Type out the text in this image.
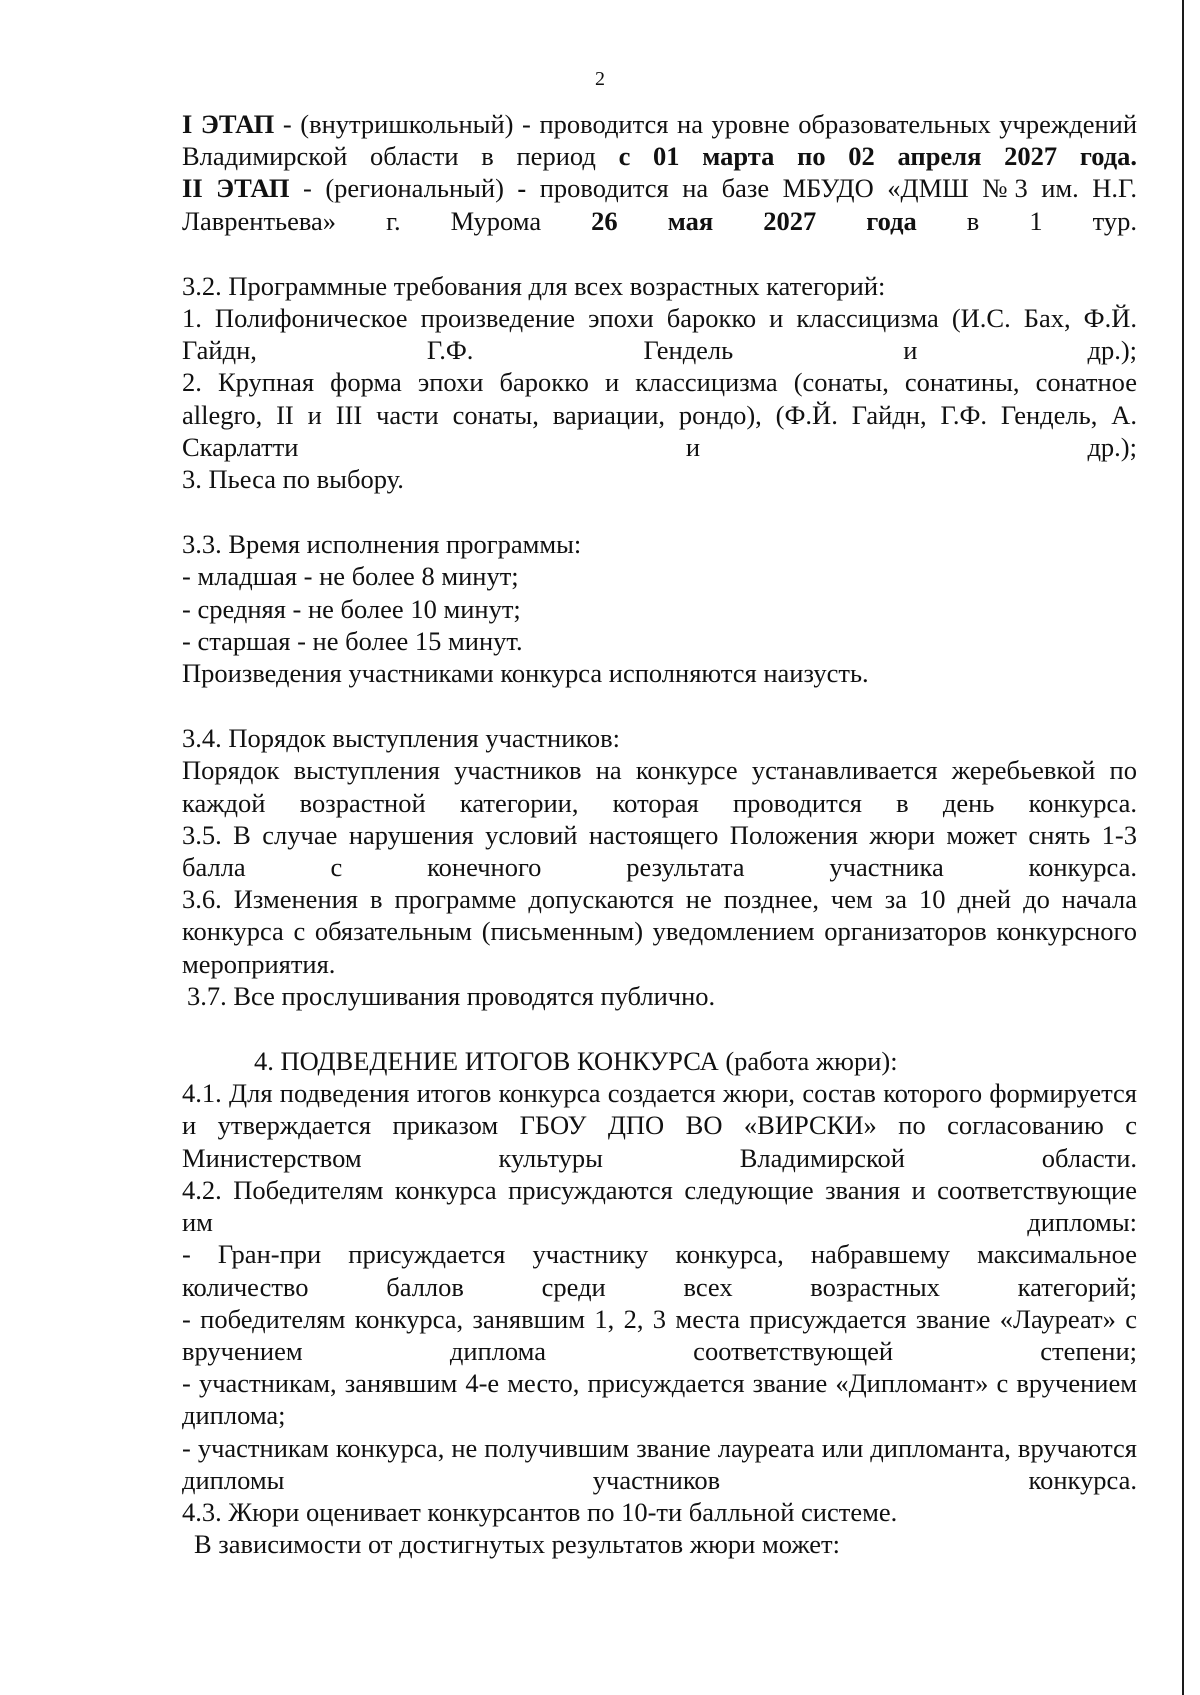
2

I ЭТАП - (внутришкольный) - проводится на уровне образовательных учреждений Владимирской области в период с 01 марта по 02 апреля 2027 года.

II ЭТАП - (региональный) - проводится на базе МБУДО «ДМШ №3 им. Н.Г. Лаврентьева» г. Мурома 26 мая 2027 года в 1 тур.

3.2. Программные требования для всех возрастных категорий:

1. Полифоническое произведение эпохи барокко и классицизма (И.С. Бах, Ф.Й. Гайдн, Г.Ф. Гендель и др.);

2. Крупная форма эпохи барокко и классицизма (сонаты, сонатины, сонатное allegro, II и III части сонаты, вариации, рондо), (Ф.Й. Гайдн, Г.Ф. Гендель, А. Скарлатти и др.);

3. Пьеса по выбору.

3.3. Время исполнения программы:

- младшая - не более 8 минут;

- средняя - не более 10 минут;

- старшая - не более 15 минут.

Произведения участниками конкурса исполняются наизусть.

3.4. Порядок выступления участников:

Порядок выступления участников на конкурсе устанавливается жеребьевкой по каждой возрастной категории, которая проводится в день конкурса.

3.5. В случае нарушения условий настоящего Положения жюри может снять 1-3 балла с конечного результата участника конкурса.

3.6. Изменения в программе допускаются не позднее, чем за 10 дней до начала конкурса с обязательным (письменным) уведомлением организаторов конкурсного мероприятия.

3.7. Все прослушивания проводятся публично.

4. ПОДВЕДЕНИЕ ИТОГОВ КОНКУРСА (работа жюри):

4.1. Для подведения итогов конкурса создается жюри, состав которого формируется и утверждается приказом ГБОУ ДПО ВО «ВИРСКИ» по согласованию с Министерством культуры Владимирской области.

4.2. Победителям конкурса присуждаются следующие звания и соответствующие им дипломы:

- Гран-при присуждается участнику конкурса, набравшему максимальное количество баллов среди всех возрастных категорий;

- победителям конкурса, занявшим 1, 2, 3 места присуждается звание «Лауреат» с вручением диплома соответствующей степени;

- участникам, занявшим 4-е место, присуждается звание «Дипломант» с вручением диплома;

- участникам конкурса, не получившим звание лауреата или дипломанта, вручаются дипломы участников конкурса.

4.3. Жюри оценивает конкурсантов по 10-ти балльной системе.

В зависимости от достигнутых результатов жюри может:
